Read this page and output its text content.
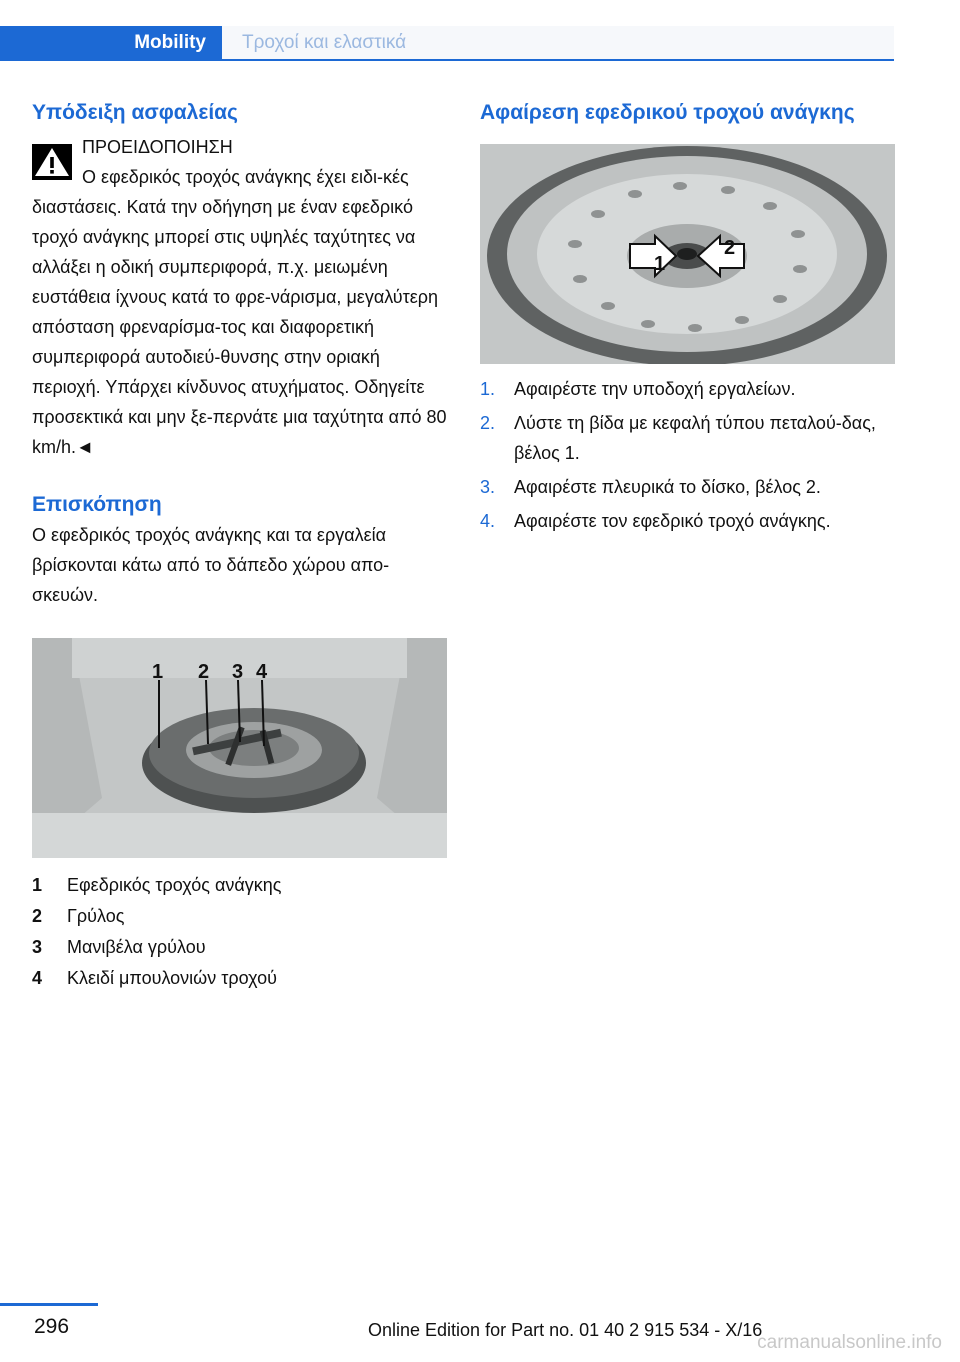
Mobility	Τροχοί και ελαστικά
Υπόδειξη ασφαλείας
ΠΡΟΕΙΔΟΠΟΙΗΣΗ
Ο εφεδρικός τροχός ανάγκης έχει ειδι‐κές διαστάσεις. Κατά την οδήγηση με έναν εφεδρικό τροχό ανάγκης μπορεί στις υψηλές ταχύτητες να αλλάξει η οδική συμπεριφορά, π.χ. μειωμένη ευστάθεια ίχνους κατά το φρε‐νάρισμα, μεγαλύτερη απόσταση φρεναρίσμα‐τος και διαφορετική συμπεριφορά αυτοδιεύ‐θυνσης στην οριακή περιοχή. Υπάρχει κίνδυνος ατυχήματος. Οδηγείτε προσεκτικά και μην ξε‐περνάτε μια ταχύτητα από 80 km/h.◄
Επισκόπηση

Ο εφεδρικός τροχός ανάγκης και τα εργαλεία βρίσκονται κάτω από το δάπεδο χώρου απο‐σκευών.

1 2 3 4
1	Εφεδρικός τροχός ανάγκης
2	Γρύλος
3	Μανιβέλα γρύλου
4	Κλειδί μπουλονιών τροχού
Αφαίρεση εφεδρικού τροχού ανάγκης
1
2
1.	Αφαιρέστε την υποδοχή εργαλείων.
2.	Λύστε τη βίδα με κεφαλή τύπου πεταλού‐δας, βέλος 1.
3.	Αφαιρέστε πλευρικά το δίσκο, βέλος 2.
4.	Αφαιρέστε τον εφεδρικό τροχό ανάγκης.
296	Online Edition for Part no. 01 40 2 915 534 - X/16
carmanualsonline.info
